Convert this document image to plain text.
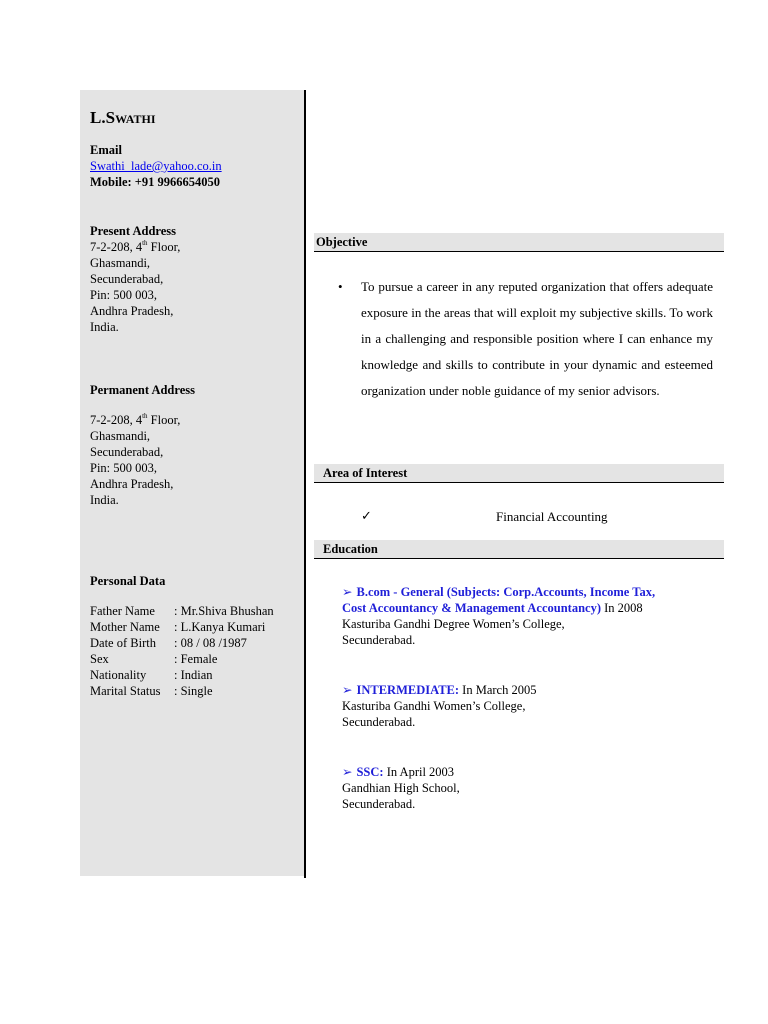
L.SWATHI
Email
Swathi_lade@yahoo.co.in
Mobile: +91 9966654050
Present Address
7-2-208, 4th Floor,
Ghasmandi,
Secunderabad,
Pin: 500 003,
Andhra Pradesh,
India.
Permanent Address
7-2-208, 4th Floor,
Ghasmandi,
Secunderabad,
Pin: 500 003,
Andhra Pradesh,
India.
Personal Data
Father Name	: Mr.Shiva Bhushan
Mother Name	: L.Kanya Kumari
Date of Birth	: 08 / 08 /1987
Sex	: Female
Nationality	: Indian
Marital Status	: Single
Objective
• To pursue a career in any reputed organization that offers adequate exposure in the areas that will exploit my subjective skills. To work in a challenging and responsible position where I can enhance my knowledge and skills to contribute in your dynamic and esteemed organization under noble guidance of my senior advisors.
Area of Interest
✓	Financial Accounting
Education
➢ B.com - General (Subjects: Corp.Accounts, Income Tax,
Cost Accountancy & Management Accountancy) In 2008
Kasturiba Gandhi Degree Women’s College,
Secunderabad.
➢ INTERMEDIATE: In March 2005
Kasturiba Gandhi Women’s College,
Secunderabad.
➢ SSC: In April 2003
Gandhian High School,
Secunderabad.
